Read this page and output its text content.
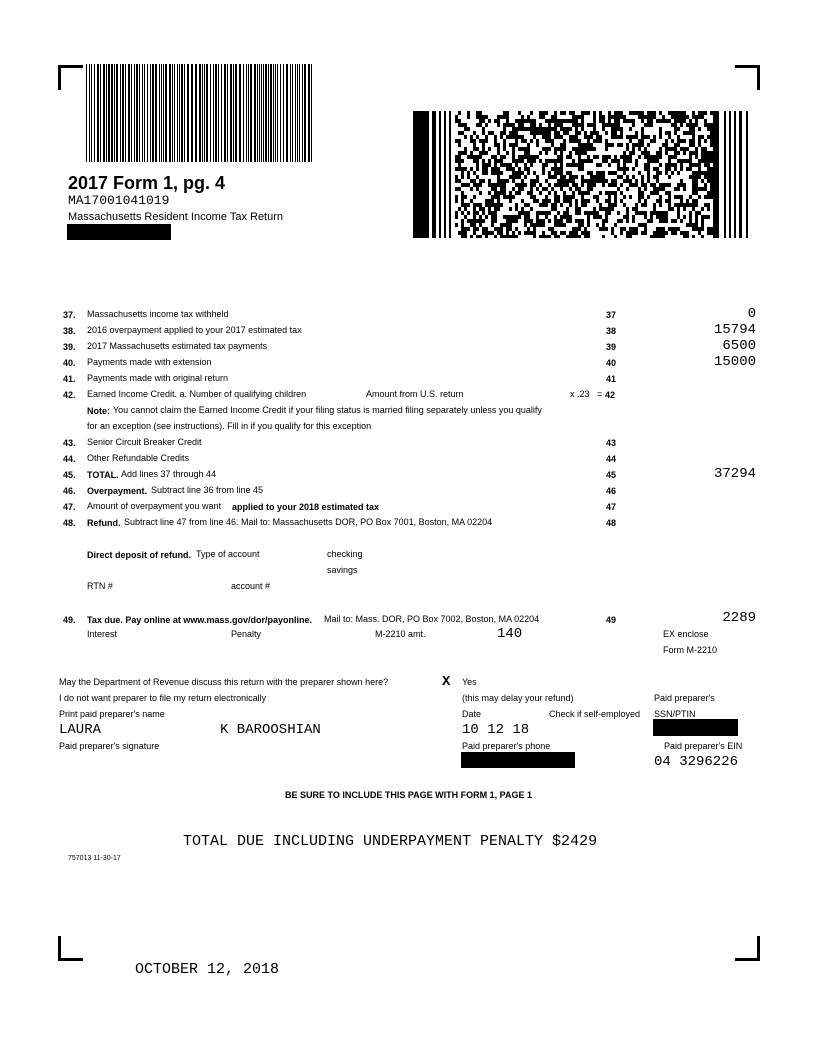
2017 Form 1, pg. 4
MA17001041019
Massachusetts Resident Income Tax Return
37. Massachusetts income tax withheld	37	0
38. 2016 overpayment applied to your 2017 estimated tax	38	15794
39. 2017 Massachusetts estimated tax payments	39	6500
40. Payments made with extension	40	15000
41. Payments made with original return	41
42. Earned Income Credit. a. Number of qualifying children	Amount from U.S. return	x .23 = 42
Note: You cannot claim the Earned Income Credit if your filing status is married filing separately unless you qualify
for an exception (see instructions). Fill in if you qualify for this exception
43. Senior Circuit Breaker Credit	43
44. Other Refundable Credits	44
45. TOTAL. Add lines 37 through 44	45	37294
46. Overpayment. Subtract line 36 from line 45	46
47. Amount of overpayment you want applied to your 2018 estimated tax	47
48. Refund. Subtract line 47 from line 46. Mail to: Massachusetts DOR, PO Box 7001, Boston, MA 02204	48
Direct deposit of refund. Type of account	checking
savings
RTN #	account #
49. Tax due. Pay online at www.mass.gov/dor/payonline. Mail to: Mass. DOR, PO Box 7002, Boston, MA 02204	49	2289
Interest	Penalty	M-2210 amt.	140	EX enclose
Form M-2210
May the Department of Revenue discuss this return with the preparer shown here?	X Yes
I do not want preparer to file my return electronically	(this may delay your refund)	Paid preparer's
Print paid preparer's name	Date	Check if self-employed SSN/PTIN
LAURA	K BAROOSHIAN	10 12 18
Paid preparer's signature	Paid preparer's phone	Paid preparer's EIN
04 3296226
BE SURE TO INCLUDE THIS PAGE WITH FORM 1, PAGE 1
TOTAL DUE INCLUDING UNDERPAYMENT PENALTY $2429
757013 11-30-17
OCTOBER 12, 2018
